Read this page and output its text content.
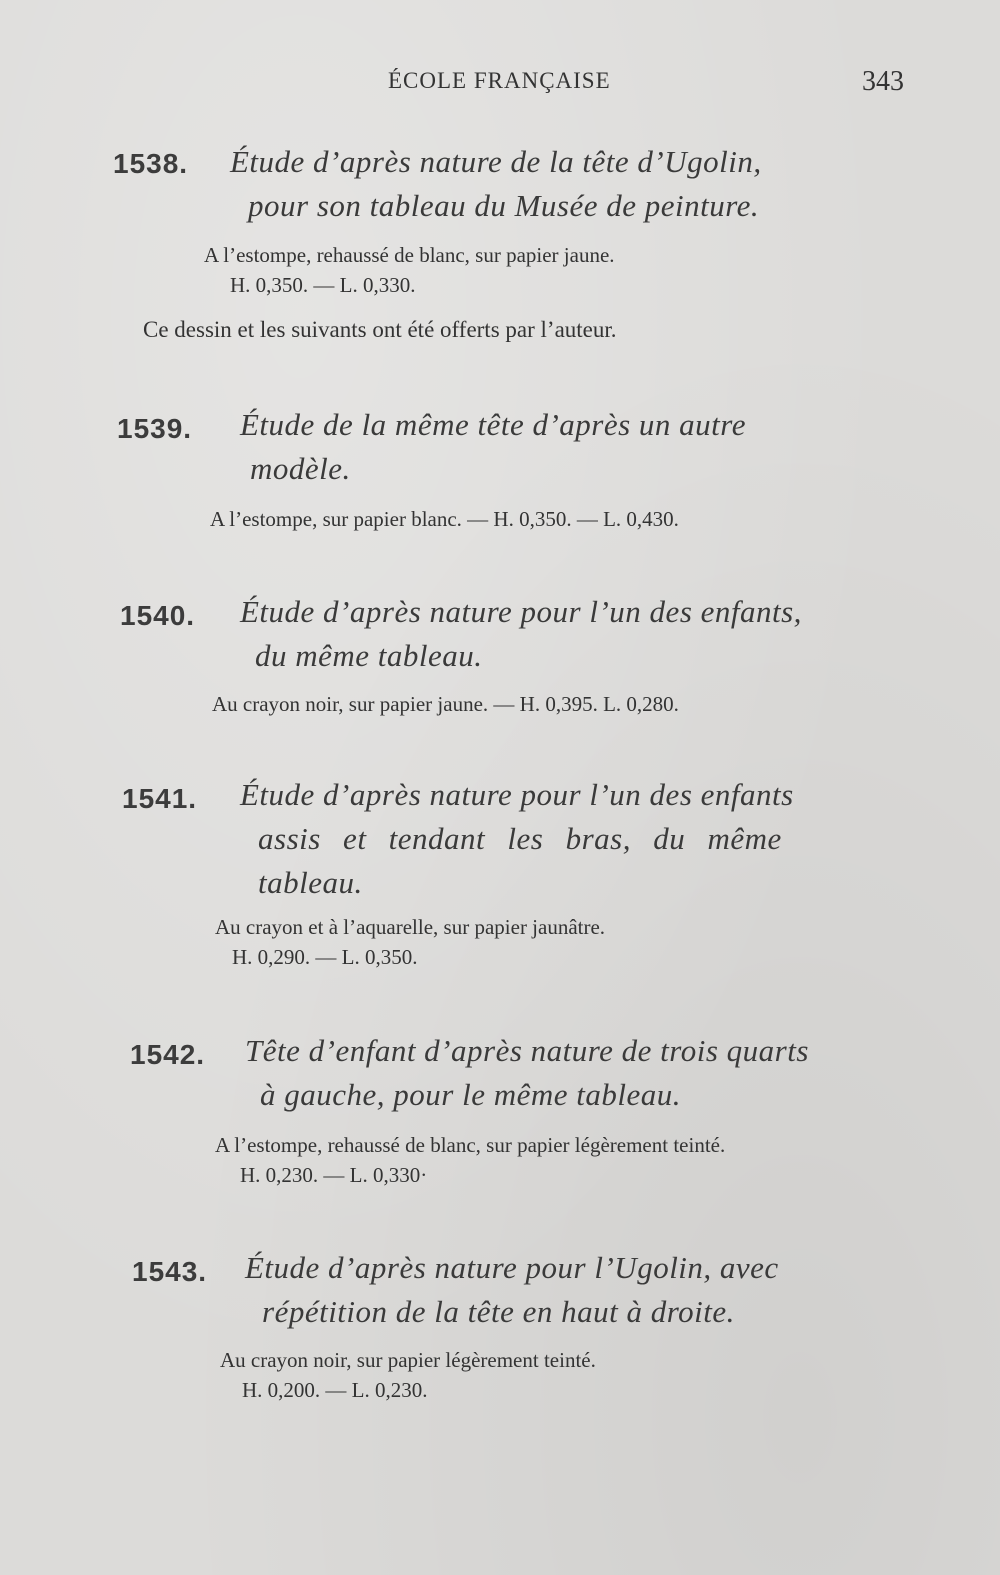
ÉCOLE FRANÇAISE	343
1538. Étude d’après nature de la tête d’Ugolin,
pour son tableau du Musée de peinture.
A l’estompe, rehaussé de blanc, sur papier jaune.
H. 0,350. — L. 0,330.
Ce dessin et les suivants ont été offerts par l’auteur.
1539. Étude de la même tête d’après un autre
modèle.
A l’estompe, sur papier blanc. — H. 0,350. — L. 0,430.
1540. Étude d’après nature pour l’un des enfants,
du même tableau.
Au crayon noir, sur papier jaune. — H. 0,395. L. 0,280.
1541. Étude d’après nature pour l’un des enfants
assis et tendant les bras, du même
tableau.
Au crayon et à l’aquarelle, sur papier jaunâtre.
H. 0,290. — L. 0,350.
1542. Tête d’enfant d’après nature de trois quarts
à gauche, pour le même tableau.
A l’estompe, rehaussé de blanc, sur papier légèrement teinté.
H. 0,230. — L. 0,330·
1543. Étude d’après nature pour l’Ugolin, avec
répétition de la tête en haut à droite.
Au crayon noir, sur papier légèrement teinté.
H. 0,200. — L. 0,230.
